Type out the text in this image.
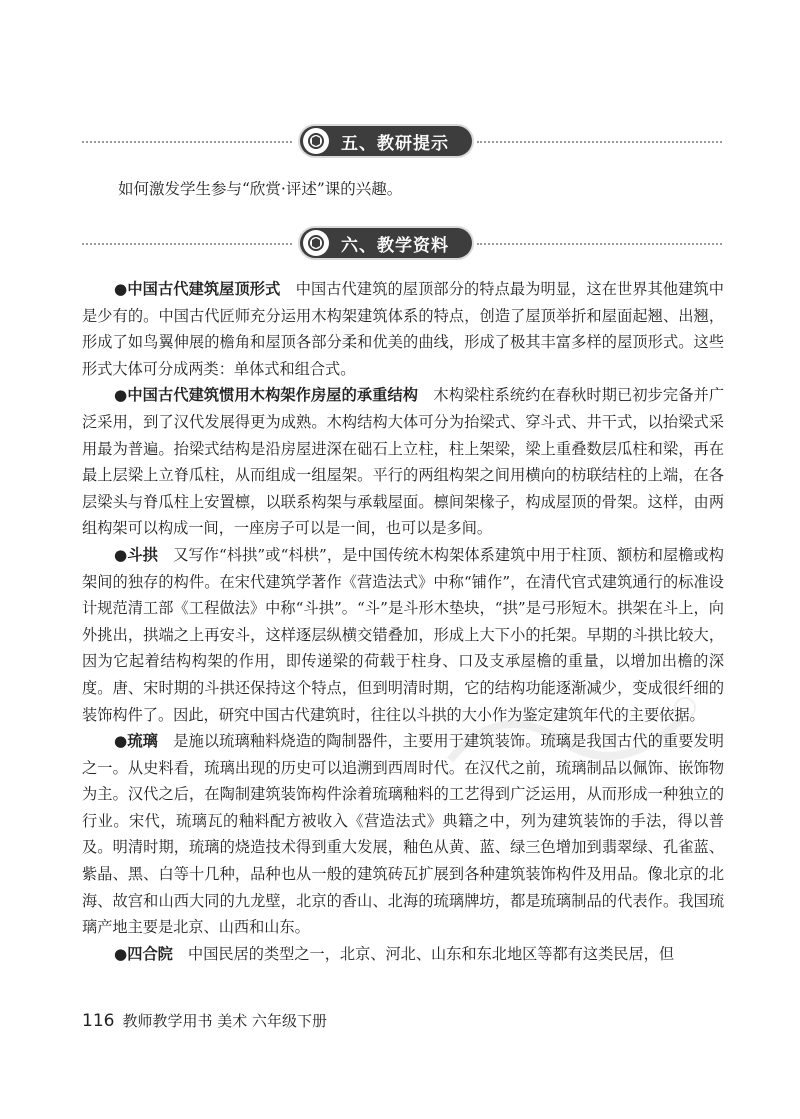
五、教研提示
如何激发学生参与“欣赏·评述”课的兴趣。
六、教学资料

●中国古代建筑屋顶形式　 中国古代建筑的屋顶部分的特点最为明显，这在世界其他建筑中是少有的。中国古代匠师充分运用木构架建筑体系的特点，创造了屋顶举折和屋面起翘、出翘，形成了如鸟翼伸展的檐角和屋顶各部分柔和优美的曲线，形成了极其丰富多样的屋顶形式。这些形式大体可分成两类：单体式和组合式。

●中国古代建筑惯用木构架作房屋的承重结构　 木构梁柱系统约在春秋时期已初步完备并广泛采用，到了汉代发展得更为成熟。木构结构大体可分为抬梁式、穿斗式、井干式，以抬梁式采用最为普遍。抬梁式结构是沿房屋进深在础石上立柱，柱上架梁，梁上重叠数层瓜柱和梁，再在最上层梁上立脊瓜柱，从而组成一组屋架。平行的两组构架之间用横向的枋联结柱的上端，在各层梁头与脊瓜柱上安置檩，以联系构架与承载屋面。檩间架椽子，构成屋顶的骨架。这样，由两组构架可以构成一间，一座房子可以是一间，也可以是多间。

●斗拱　 又写作“枓拱”或“枓栱”，是中国传统木构架体系建筑中用于柱顶、额枋和屋檐或构架间的独存的构件。在宋代建筑学著作《营造法式》中称“铺作”，在清代官式建筑通行的标准设计规范清工部《工程做法》中称“斗拱”。“斗”是斗形木垫块，“拱”是弓形短木。拱架在斗上，向外挑出，拱端之上再安斗，这样逐层纵横交错叠加，形成上大下小的托架。早期的斗拱比较大，因为它起着结构构架的作用，即传递梁的荷载于柱身、口及支承屋檐的重量，以增加出檐的深度。唐、宋时期的斗拱还保持这个特点，但到明清时期，它的结构功能逐渐减少，变成很纤细的装饰构件了。因此，研究中国古代建筑时，往往以斗拱的大小作为鉴定建筑年代的主要依据。

●琉璃　 是施以琉璃釉料烧造的陶制器件，主要用于建筑装饰。琉璃是我国古代的重要发明之一。从史料看，琉璃出现的历史可以追溯到西周时代。在汉代之前，琉璃制品以佩饰、嵌饰物为主。汉代之后，在陶制建筑装饰构件涂着琉璃釉料的工艺得到广泛运用，从而形成一种独立的行业。宋代，琉璃瓦的釉料配方被收入《营造法式》典籍之中，列为建筑装饰的手法，得以普及。明清时期，琉璃的烧造技术得到重大发展，釉色从黄、蓝、绿三色增加到翡翠绿、孔雀蓝、紫晶、黑、白等十几种，品种也从一般的建筑砖瓦扩展到各种建筑装饰构件及用品。像北京的北海、故宫和山西大同的九龙壁，北京的香山、北海的琉璃牌坊，都是琉璃制品的代表作。我国琉璃产地主要是北京、山西和山东。

●四合院　 中国民居的类型之一，北京、河北、山东和东北地区等都有这类民居，但

116 教师教学用书 美术 六年级下册
